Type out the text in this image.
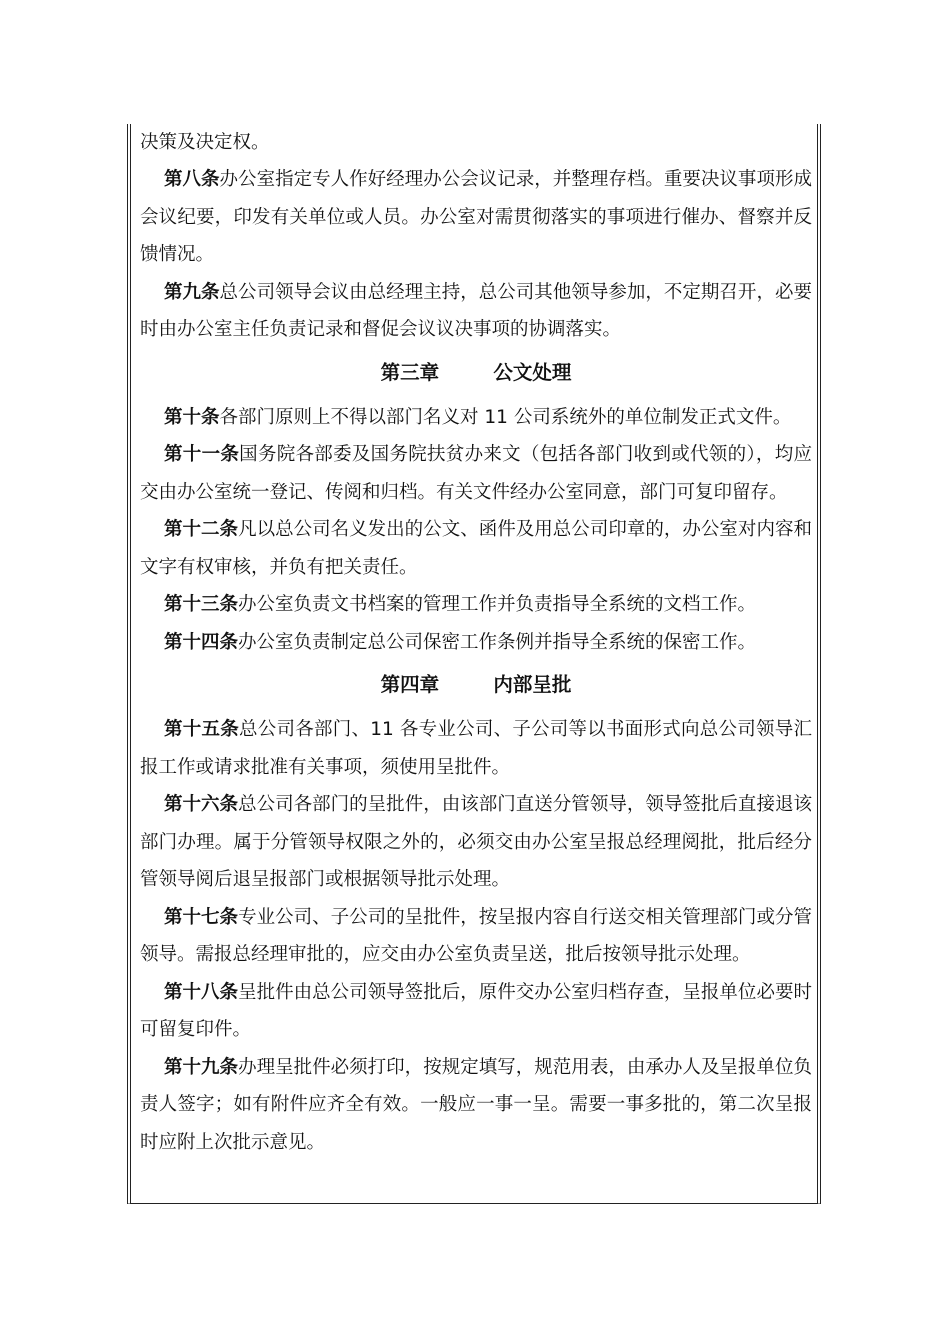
决策及决定权。

第八条办公室指定专人作好经理办公会议记录，并整理存档。重要决议事项形成会议纪要，印发有关单位或人员。办公室对需贯彻落实的事项进行催办、督察并反馈情况。

第九条总公司领导会议由总经理主持，总公司其他领导参加，不定期召开，必要时由办公室主任负责记录和督促会议议决事项的协调落实。

第三章	公文处理

第十条各部门原则上不得以部门名义对 11 公司系统外的单位制发正式文件。

第十一条国务院各部委及国务院扶贫办来文（包括各部门收到或代领的），均应交由办公室统一登记、传阅和归档。有关文件经办公室同意，部门可复印留存。

第十二条凡以总公司名义发出的公文、函件及用总公司印章的，办公室对内容和文字有权审核，并负有把关责任。

第十三条办公室负责文书档案的管理工作并负责指导全系统的文档工作。

第十四条办公室负责制定总公司保密工作条例并指导全系统的保密工作。

第四章	内部呈批

第十五条总公司各部门、11 各专业公司、子公司等以书面形式向总公司领导汇报工作或请求批准有关事项，须使用呈批件。

第十六条总公司各部门的呈批件，由该部门直送分管领导，领导签批后直接退该部门办理。属于分管领导权限之外的，必须交由办公室呈报总经理阅批，批后经分管领导阅后退呈报部门或根据领导批示处理。

第十七条专业公司、子公司的呈批件，按呈报内容自行送交相关管理部门或分管领导。需报总经理审批的，应交由办公室负责呈送，批后按领导批示处理。

第十八条呈批件由总公司领导签批后，原件交办公室归档存查，呈报单位必要时可留复印件。

第十九条办理呈批件必须打印，按规定填写，规范用表，由承办人及呈报单位负责人签字；如有附件应齐全有效。一般应一事一呈。需要一事多批的，第二次呈报时应附上次批示意见。
